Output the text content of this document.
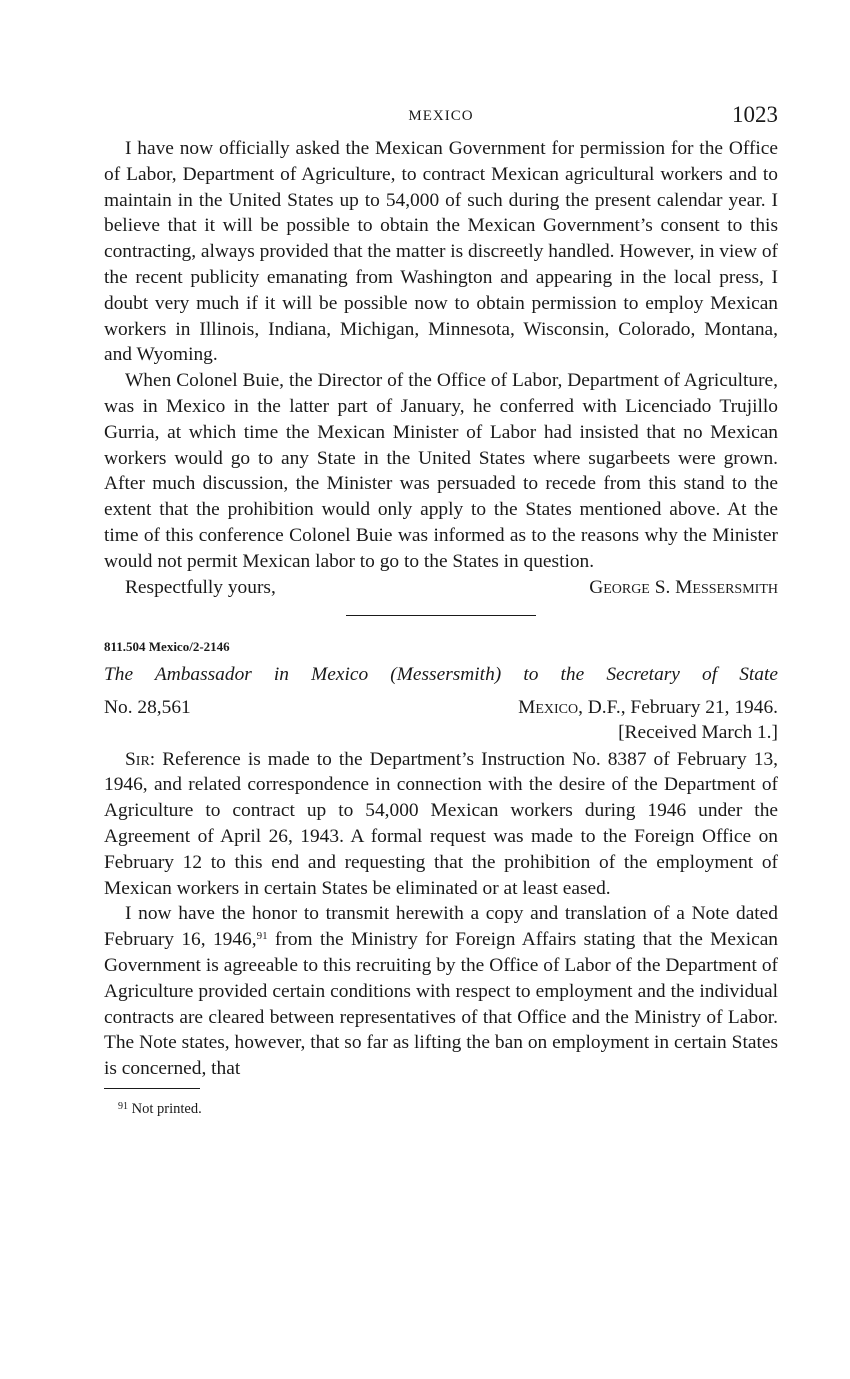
MEXICO	1023

I have now officially asked the Mexican Government for permission for the Office of Labor, Department of Agriculture, to contract Mexican agricultural workers and to maintain in the United States up to 54,000 of such during the present calendar year. I believe that it will be possible to obtain the Mexican Government’s consent to this contracting, always provided that the matter is discreetly handled. However, in view of the recent publicity emanating from Washington and appearing in the local press, I doubt very much if it will be possible now to obtain permission to employ Mexican workers in Illinois, Indiana, Michigan, Minnesota, Wisconsin, Colorado, Montana, and Wyoming.

When Colonel Buie, the Director of the Office of Labor, Department of Agriculture, was in Mexico in the latter part of January, he conferred with Licenciado Trujillo Gurria, at which time the Mexican Minister of Labor had insisted that no Mexican workers would go to any State in the United States where sugarbeets were grown. After much discussion, the Minister was persuaded to recede from this stand to the extent that the prohibition would only apply to the States mentioned above. At the time of this conference Colonel Buie was informed as to the reasons why the Minister would not permit Mexican labor to go to the States in question.

Respectfully yours,	George S. Messersmith
811.504 Mexico/2-2146
The Ambassador in Mexico (Messersmith) to the Secretary of State
No. 28,561	Mexico, D.F., February 21, 1946.
[Received March 1.]

Sir: Reference is made to the Department’s Instruction No. 8387 of February 13, 1946, and related correspondence in connection with the desire of the Department of Agriculture to contract up to 54,000 Mexican workers during 1946 under the Agreement of April 26, 1943. A formal request was made to the Foreign Office on February 12 to this end and requesting that the prohibition of the employment of Mexican workers in certain States be eliminated or at least eased.

I now have the honor to transmit herewith a copy and translation of a Note dated February 16, 1946,91 from the Ministry for Foreign Affairs stating that the Mexican Government is agreeable to this recruiting by the Office of Labor of the Department of Agriculture provided certain conditions with respect to employment and the individual contracts are cleared between representatives of that Office and the Ministry of Labor. The Note states, however, that so far as lifting the ban on employment in certain States is concerned, that

$^{91}$ Not printed.
